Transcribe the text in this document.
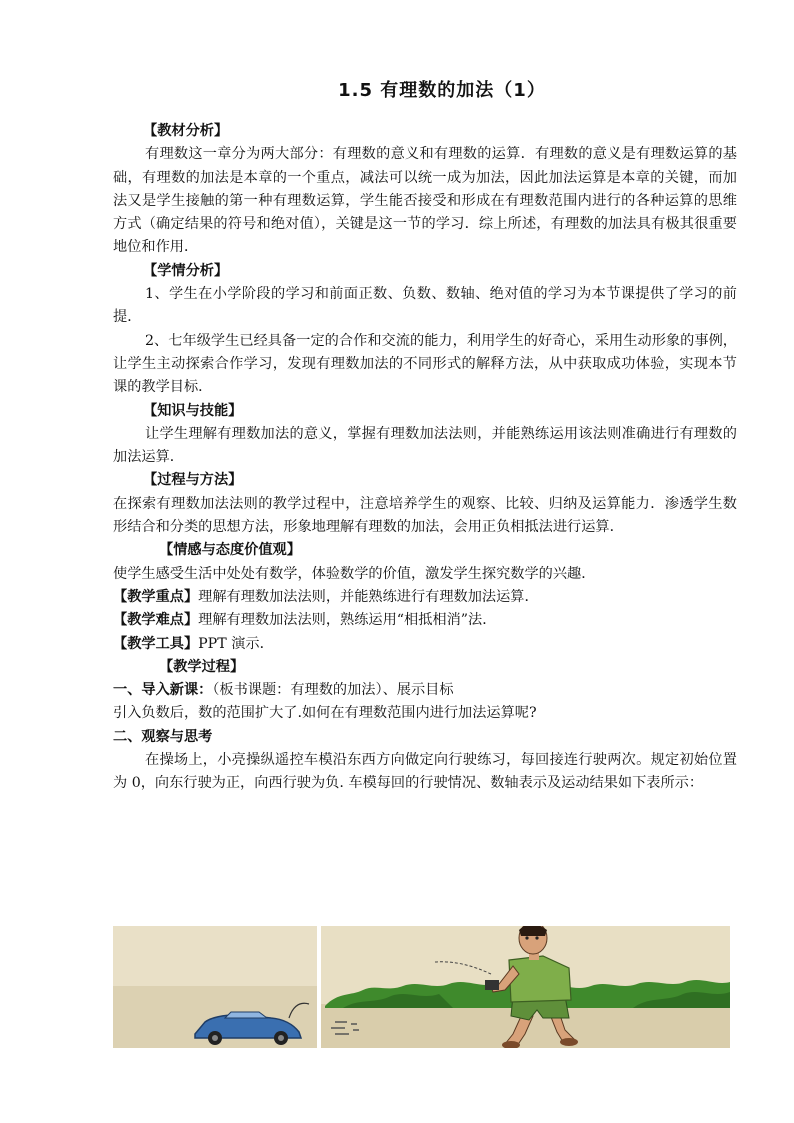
1.5 有理数的加法（1）

【教材分析】

有理数这一章分为两大部分：有理数的意义和有理数的运算．有理数的意义是有理数运算的基础，有理数的加法是本章的一个重点，减法可以统一成为加法，因此加法运算是本章的关键，而加法又是学生接触的第一种有理数运算，学生能否接受和形成在有理数范围内进行的各种运算的思维方式（确定结果的符号和绝对值），关键是这一节的学习．综上所述，有理数的加法具有极其很重要地位和作用．

【学情分析】

1、学生在小学阶段的学习和前面正数、负数、数轴、绝对值的学习为本节课提供了学习的前提．

2、七年级学生已经具备一定的合作和交流的能力，利用学生的好奇心，采用生动形象的事例，让学生主动探索合作学习，发现有理数加法的不同形式的解释方法，从中获取成功体验，实现本节课的教学目标．

【知识与技能】

让学生理解有理数加法的意义，掌握有理数加法法则，并能熟练运用该法则准确进行有理数的加法运算．

【过程与方法】

在探索有理数加法法则的教学过程中，注意培养学生的观察、比较、归纳及运算能力．渗透学生数形结合和分类的思想方法，形象地理解有理数的加法，会用正负相抵法进行运算．

【情感与态度价值观】

使学生感受生活中处处有数学，体验数学的价值，激发学生探究数学的兴趣．

【教学重点】理解有理数加法法则，并能熟练进行有理数加法运算．

【教学难点】理解有理数加法法则，熟练运用“相抵相消”法．

【教学工具】PPT 演示．

【教学过程】

一、导入新课：（板书课题：有理数的加法）、展示目标

引入负数后，数的范围扩大了.如何在有理数范围内进行加法运算呢?

二、观察与思考

在操场上，小亮操纵遥控车模沿东西方向做定向行驶练习，每回接连行驶两次。规定初始位置为 0，向东行驶为正，向西行驶为负. 车模每回的行驶情况、数轴表示及运动结果如下表所示：
